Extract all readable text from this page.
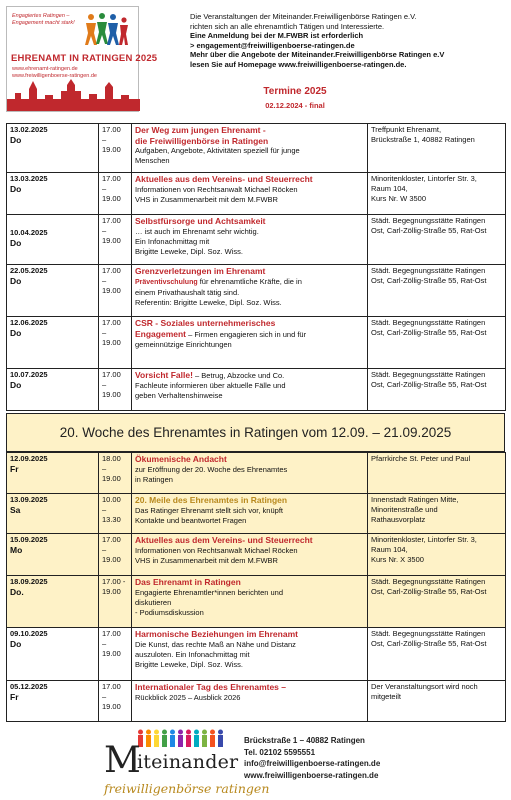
Engagiertes Ratingen –
Engagement macht stark!
EHRENAMT IN RATINGEN 2025
www.ehrenamt-ratingen.de
www.freiwilligenboerse-ratingen.de
Die Veranstaltungen der Miteinander.Freiwilligenbörse Ratingen e.V.
richten sich an alle ehrenamtlich Tätigen und Interessierte.
Eine Anmeldung bei der M.FWBR ist erforderlich
> engagement@freiwilligenboerse-ratingen.de
Mehr über die Angebote der Miteinander.Freiwilligenbörse Ratingen e.V
lesen Sie auf Homepage www.freiwilligenboerse-ratingen.de.
Termine 2025
02.12.2024 - final
13.02.2025
Do	17.00
–
19.00	Der Weg zum jungen Ehrenamt -
die Freiwilligenbörse in Ratingen
Aufgaben, Angebote, Aktivitäten speziell für junge
Menschen	Treffpunkt Ehrenamt,
Brückstraße 1, 40882 Ratingen

13.03.2025
Do	17.00
–
19.00	Aktuelles aus dem Vereins- und Steuerrecht
Informationen von Rechtsanwalt Michael Röcken
VHS in Zusammenarbeit mit dem M.FWBR	Minoritenkloster, Lintorfer Str. 3,
Raum 104,
Kurs Nr. W 3500

10.04.2025
Do	17.00
–
19.00	Selbstfürsorge und Achtsamkeit
… ist auch im Ehrenamt sehr wichtig.
Ein Infonachmittag mit
Brigitte Leweke, Dipl. Soz. Wiss.	Städt. Begegnungsstätte Ratingen
Ost, Carl-Zöllig-Straße 55, Rat-Ost

22.05.2025
Do	17.00
–
19.00	Grenzverletzungen im Ehrenamt
Präventivschulung für ehrenamtliche Kräfte, die in
einem Privathaushalt tätig sind.
Referentin: Brigitte Leweke, Dipl. Soz. Wiss.	Städt. Begegnungsstätte Ratingen
Ost, Carl-Zöllig-Straße 55, Rat-Ost

12.06.2025
Do	17.00
–
19.00	CSR - Soziales unternehmerisches
Engagement – Firmen engagieren sich in und für
gemeinnützige Einrichtungen	Städt. Begegnungsstätte Ratingen
Ost, Carl-Zöllig-Straße 55, Rat-Ost

10.07.2025
Do	17.00
–
19.00	Vorsicht Falle! – Betrug, Abzocke und Co.
Fachleute informieren über aktuelle Fälle und
geben Verhaltenshinweise	Städt. Begegnungsstätte Ratingen
Ost, Carl-Zöllig-Straße 55, Rat-Ost
20. Woche des Ehrenamtes in Ratingen vom 12.09. – 21.09.2025
12.09.2025
Fr	18.00
–
19.00	Ökumenische Andacht
zur Eröffnung der 20. Woche des Ehrenamtes
in Ratingen	Pfarrkirche St. Peter und Paul

13.09.2025
Sa	10.00
–
13.30	20. Meile des Ehrenamtes in Ratingen
Das Ratinger Ehrenamt stellt sich vor, knüpft
Kontakte und beantwortet Fragen	Innenstadt Ratingen Mitte,
Minoritenstraße und
Rathausvorplatz

15.09.2025
Mo	17.00
–
19.00	Aktuelles aus dem Vereins- und Steuerrecht
Informationen von Rechtsanwalt Michael Röcken
VHS in Zusammenarbeit mit dem M.FWBR	Minoritenkloster, Lintorfer Str. 3,
Raum 104,
Kurs Nr. X 3500

18.09.2025
Do.	17.00 -
19.00	Das Ehrenamt in Ratingen
Engagierte Ehrenamtler*innen berichten und
diskutieren
- Podiumsdiskussion	Städt. Begegnungsstätte Ratingen
Ost, Carl-Zöllig-Straße 55, Rat-Ost

09.10.2025
Do	17.00
–
19.00	Harmonische Beziehungen im Ehrenamt
Die Kunst, das rechte Maß an Nähe und Distanz
auszuloten. Ein Infonachmittag mit
Brigitte Leweke, Dipl. Soz. Wiss.	Städt. Begegnungsstätte Ratingen
Ost, Carl-Zöllig-Straße 55, Rat-Ost

05.12.2025
Fr	17.00
–
19.00	Internationaler Tag des Ehrenamtes –
Rückblick 2025 – Ausblick 2026	Der Veranstaltungsort wird noch
mitgeteilt
M
iteinander
freiwilligenbörse ratingen
Brückstraße 1 – 40882 Ratingen
Tel. 02102 5595551
info@freiwilligenboerse-ratingen.de
www.freiwilligenboerse-ratingen.de
